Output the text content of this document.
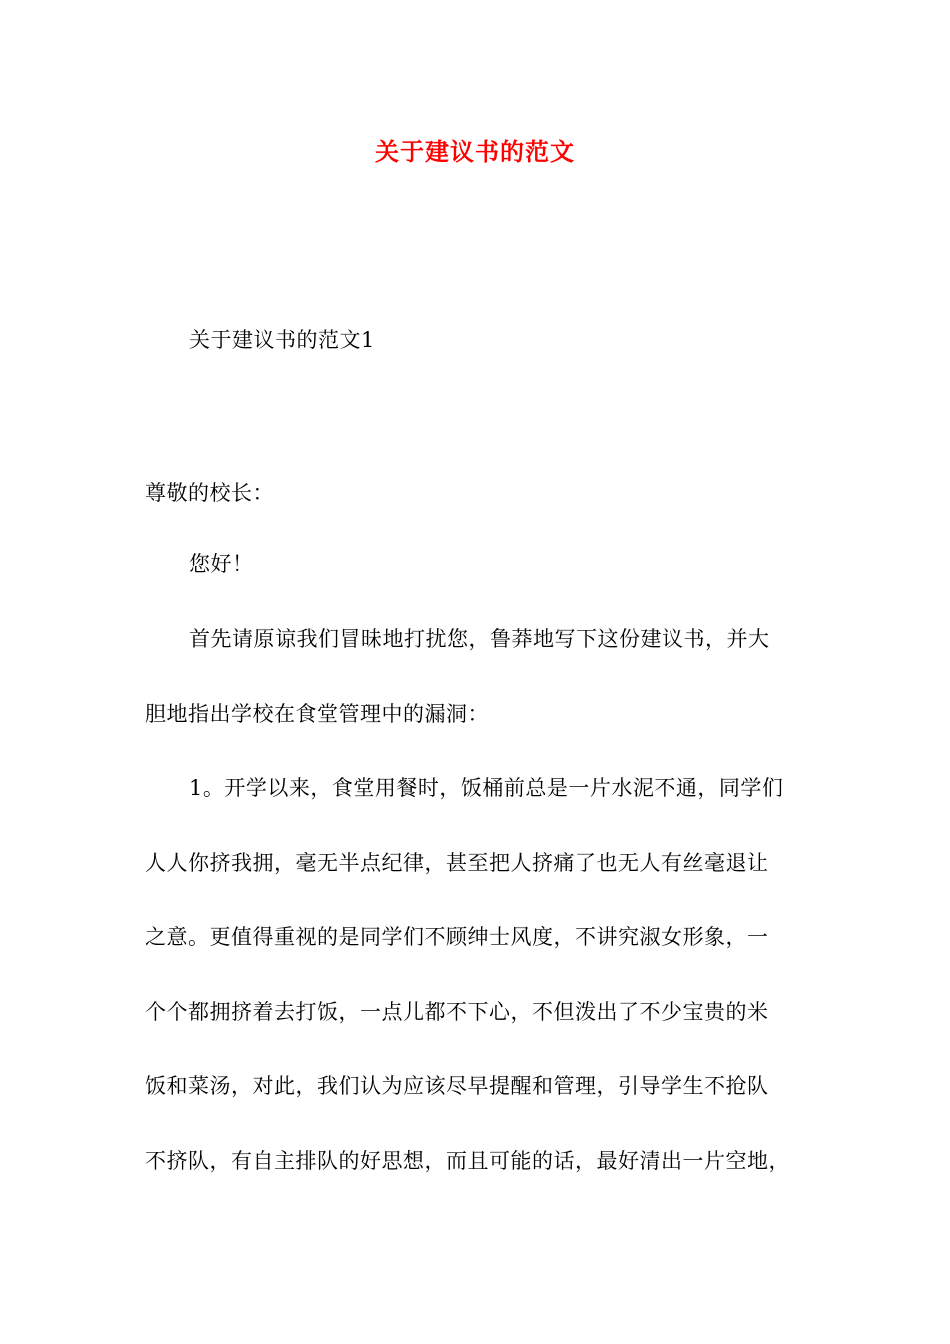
关于建议书的范文
关于建议书的范文1
尊敬的校长：
您好！
首先请原谅我们冒昧地打扰您，鲁莽地写下这份建议书，并大
胆地指出学校在食堂管理中的漏洞：
1。开学以来，食堂用餐时，饭桶前总是一片水泥不通，同学们
人人你挤我拥，毫无半点纪律，甚至把人挤痛了也无人有丝毫退让
之意。更值得重视的是同学们不顾绅士风度，不讲究淑女形象，一
个个都拥挤着去打饭，一点儿都不下心，不但泼出了不少宝贵的米
饭和菜汤，对此，我们认为应该尽早提醒和管理，引导学生不抢队
不挤队，有自主排队的好思想，而且可能的话，最好清出一片空地，
